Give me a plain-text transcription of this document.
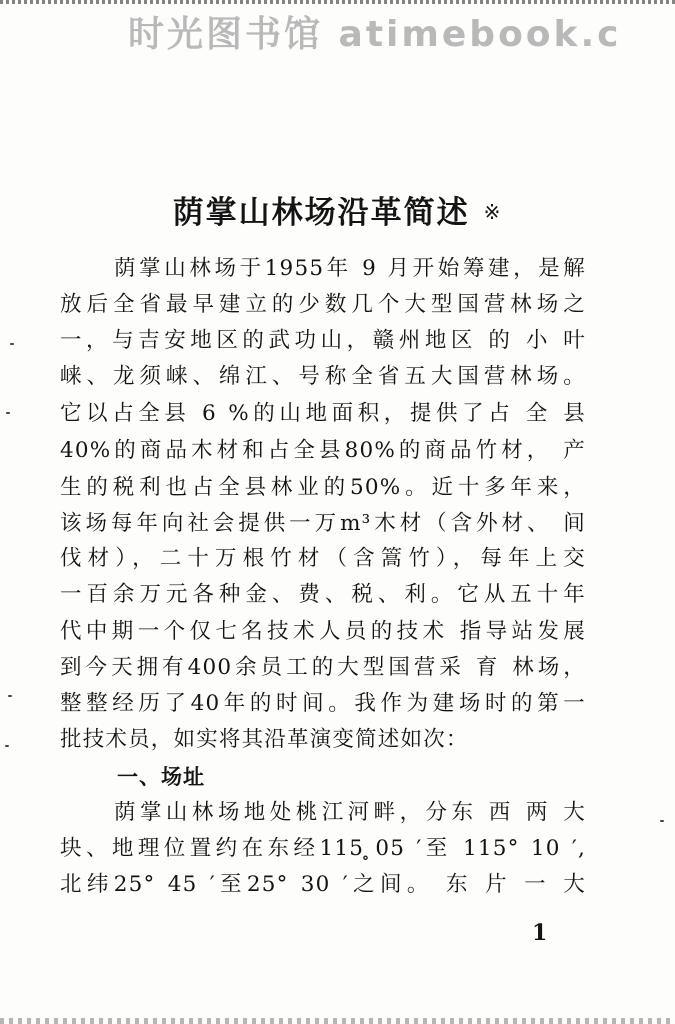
时光图书馆 atimebook.c

荫掌山林场沿革简述 ※

荫掌山林场于1955年 9 月开始筹建，是解

放后全省最早建立的少数几个大型国营林场之

一，与吉安地区的武功山，赣州地区 的 小 叶

崃、龙须崃、绵江、号称全省五大国营林场。

它以占全县 6 %的山地面积，提供了占 全 县

40%的商品木材和占全县80%的商品竹材， 产

生的税利也占全县林业的50%。近十多年来，

该场每年向社会提供一万m³木材（含外材、 间

伐材），二十万根竹材（含篙竹），每年上交

一百余万元各种金、费、税、利。它从五十年

代中期一个仅七名技术人员的技术 指导站发展

到今天拥有400余员工的大型国营采 育 林场，

整整经历了40年的时间。我作为建场时的第一

批技术员，如实将其沿革演变简述如次：

一、场址

荫掌山林场地处桃江河畔，分东 西 两 大

块、地理位置约在东经115 ̥05 ′至 115° 10 ′,

北纬25° 45 ′至25° 30 ′之间。 东 片 一 大

1
